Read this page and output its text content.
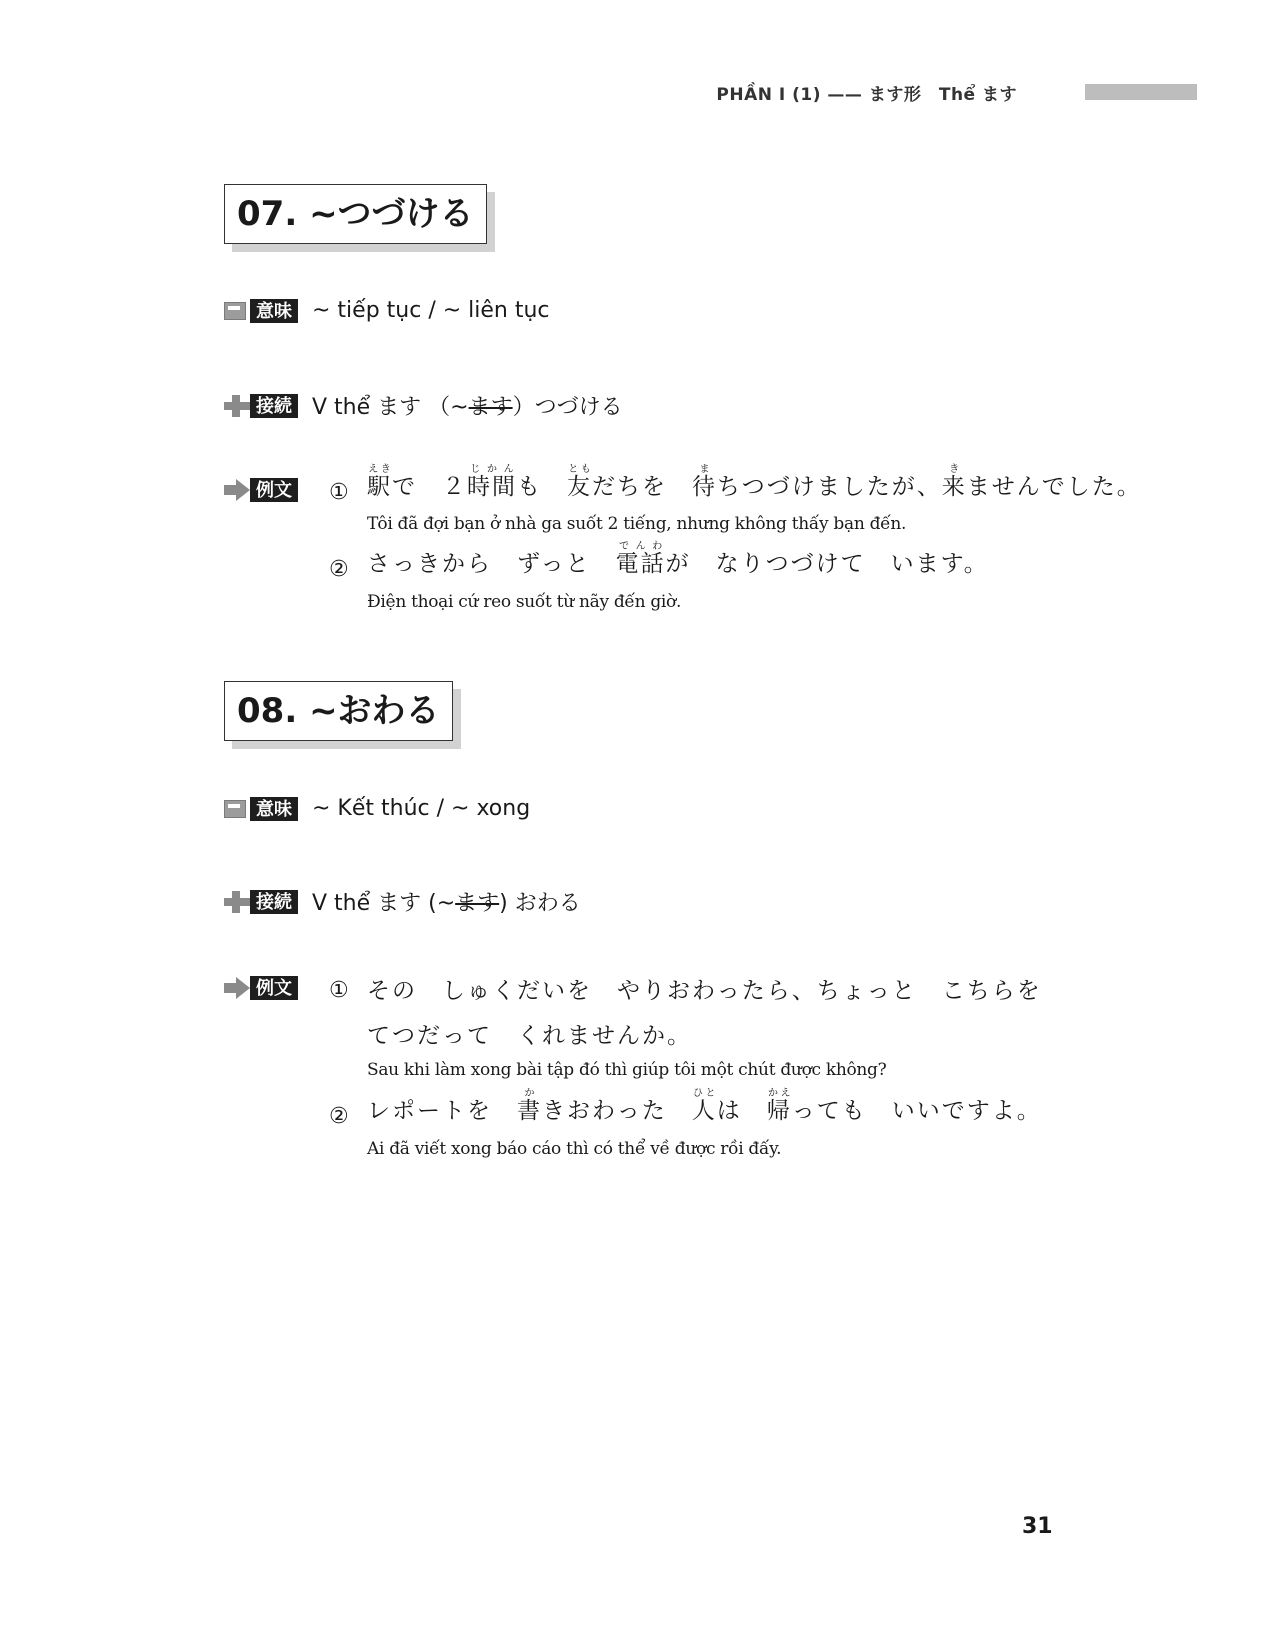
PHẦN Ⅰ (1) —— ます形　Thể ます
07. ~つづける
意味 ~ tiếp tục / ~ liên tục
接続 V thể ます （~ます）つづける
例文 ① 駅えきで　２時間じかんも　友ともだちを　待まちつづけましたが、来きませんでした。
Tôi đã đợi bạn ở nhà ga suốt 2 tiếng, nhưng không thấy bạn đến.
② さっきから　ずっと　電話でんわが　なりつづけて　います。
Điện thoại cứ reo suốt từ nãy đến giờ.
08. ~おわる
意味 ~ Kết thúc / ~ xong
接続 V thể ます (~ます) おわる
例文 ① その　しゅくだいを　やりおわったら、ちょっと　こちらを
てつだって　くれませんか。
Sau khi làm xong bài tập đó thì giúp tôi một chút được không?
② レポートを　書かきおわった　人ひとは　帰かえっても　いいですよ。
Ai đã viết xong báo cáo thì có thể về được rồi đấy.
31
